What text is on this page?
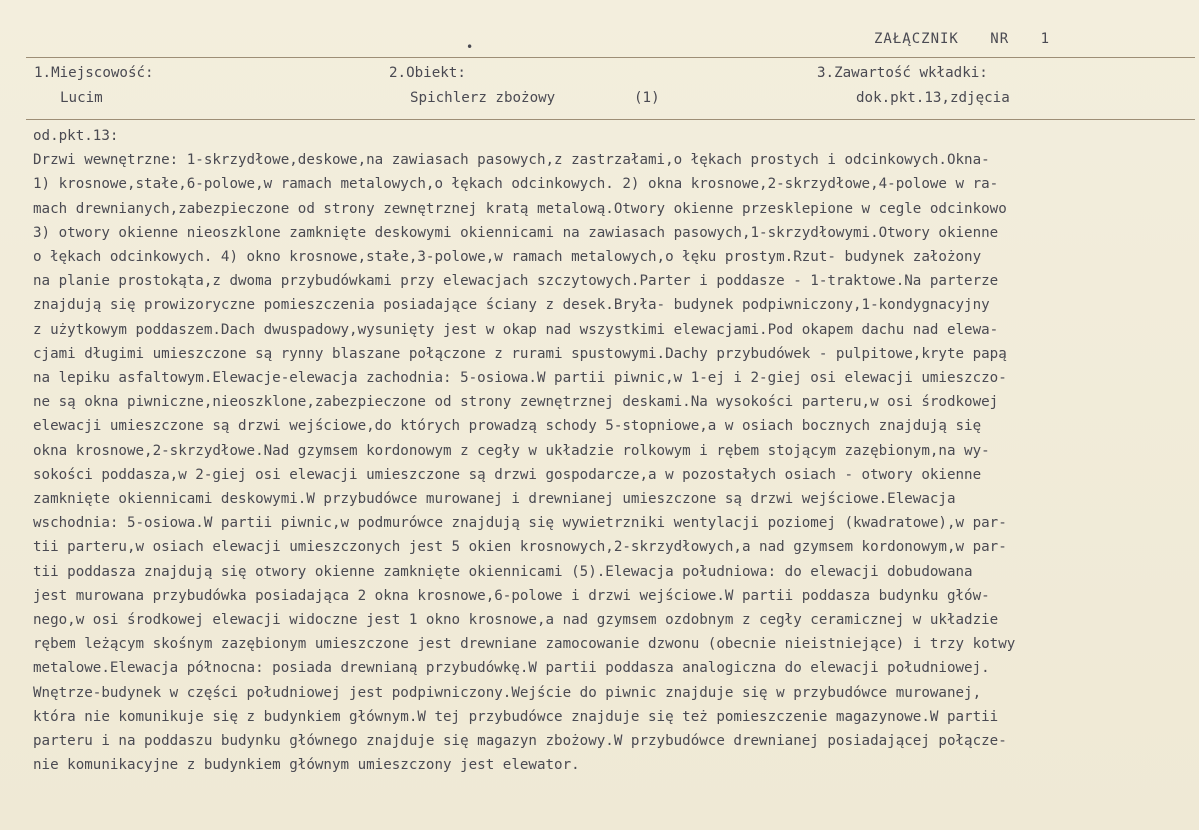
•	ZAŁĄCZNIK NR 1
1.Miejscowość:
Lucim
2.Obiekt:
Spichlerz zbożowy	(1)
3.Zawartość wkładki:
dok.pkt.13,zdjęcia
od.pkt.13:
Drzwi wewnętrzne: 1-skrzydłowe,deskowe,na zawiasach pasowych,z zastrzałami,o łękach prostych i odcinkowych.Okna-
1) krosnowe,stałe,6-polowe,w ramach metalowych,o łękach odcinkowych. 2) okna krosnowe,2-skrzydłowe,4-polowe w ra-
mach drewnianych,zabezpieczone od strony zewnętrznej kratą metalową.Otwory okienne przesklepione w cegle odcinkowo
3) otwory okienne nieoszklone zamknięte deskowymi okiennicami na zawiasach pasowych,1-skrzydłowymi.Otwory okienne
o łękach odcinkowych. 4) okno krosnowe,stałe,3-polowe,w ramach metalowych,o łęku prostym.Rzut- budynek założony
na planie prostokąta,z dwoma przybudówkami przy elewacjach szczytowych.Parter i poddasze - 1-traktowe.Na parterze
znajdują się prowizoryczne pomieszczenia posiadające ściany z desek.Bryła- budynek podpiwniczony,1-kondygnacyjny
z użytkowym poddaszem.Dach dwuspadowy,wysunięty jest w okap nad wszystkimi elewacjami.Pod okapem dachu nad elewa-
cjami długimi umieszczone są rynny blaszane połączone z rurami spustowymi.Dachy przybudówek - pulpitowe,kryte papą
na lepiku asfaltowym.Elewacje-elewacja zachodnia: 5-osiowa.W partii piwnic,w 1-ej i 2-giej osi elewacji umieszczo-
ne są okna piwniczne,nieoszklone,zabezpieczone od strony zewnętrznej deskami.Na wysokości parteru,w osi środkowej
elewacji umieszczone są drzwi wejściowe,do których prowadzą schody 5-stopniowe,a w osiach bocznych znajdują się
okna krosnowe,2-skrzydłowe.Nad gzymsem kordonowym z cegły w układzie rolkowym i rębem stojącym zazębionym,na wy-
sokości poddasza,w 2-giej osi elewacji umieszczone są drzwi gospodarcze,a w pozostałych osiach - otwory okienne
zamknięte okiennicami deskowymi.W przybudówce murowanej i drewnianej umieszczone są drzwi wejściowe.Elewacja
wschodnia: 5-osiowa.W partii piwnic,w podmurówce znajdują się wywietrzniki wentylacji poziomej (kwadratowe),w par-
tii parteru,w osiach elewacji umieszczonych jest 5 okien krosnowych,2-skrzydłowych,a nad gzymsem kordonowym,w par-
tii poddasza znajdują się otwory okienne zamknięte okiennicami (5).Elewacja południowa: do elewacji dobudowana
jest murowana przybudówka posiadająca 2 okna krosnowe,6-polowe i drzwi wejściowe.W partii poddasza budynku głów-
nego,w osi środkowej elewacji widoczne jest 1 okno krosnowe,a nad gzymsem ozdobnym z cegły ceramicznej w układzie
rębem leżącym skośnym zazębionym umieszczone jest drewniane zamocowanie dzwonu (obecnie nieistniejące) i trzy kotwy
metalowe.Elewacja północna: posiada drewnianą przybudówkę.W partii poddasza analogiczna do elewacji południowej.
Wnętrze-budynek w części południowej jest podpiwniczony.Wejście do piwnic znajduje się w przybudówce murowanej,
która nie komunikuje się z budynkiem głównym.W tej przybudówce znajduje się też pomieszczenie magazynowe.W partii
parteru i na poddaszu budynku głównego znajduje się magazyn zbożowy.W przybudówce drewnianej posiadającej połącze-
nie komunikacyjne z budynkiem głównym umieszczony jest elewator.
